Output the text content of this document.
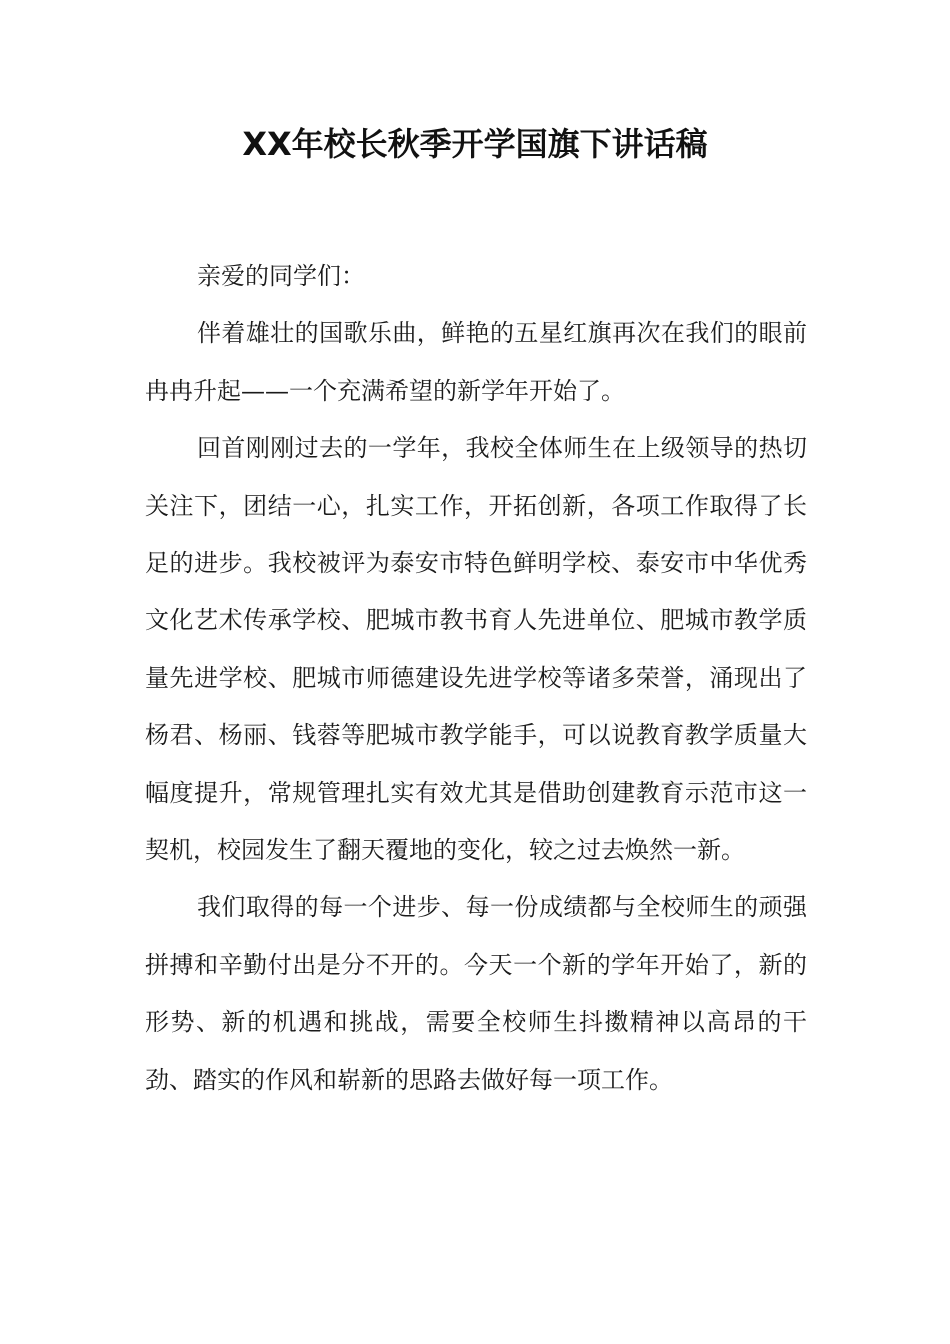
XX年校长秋季开学国旗下讲话稿

亲爱的同学们：

伴着雄壮的国歌乐曲，鲜艳的五星红旗再次在我们的眼前冉冉升起——一个充满希望的新学年开始了。

回首刚刚过去的一学年，我校全体师生在上级领导的热切关注下，团结一心，扎实工作，开拓创新，各项工作取得了长足的进步。我校被评为泰安市特色鲜明学校、泰安市中华优秀文化艺术传承学校、肥城市教书育人先进单位、肥城市教学质量先进学校、肥城市师德建设先进学校等诸多荣誉，涌现出了杨君、杨丽、钱蓉等肥城市教学能手，可以说教育教学质量大幅度提升，常规管理扎实有效尤其是借助创建教育示范市这一契机，校园发生了翻天覆地的变化，较之过去焕然一新。

我们取得的每一个进步、每一份成绩都与全校师生的顽强拼搏和辛勤付出是分不开的。今天一个新的学年开始了，新的形势、新的机遇和挑战，需要全校师生抖擞精神以高昂的干劲、踏实的作风和崭新的思路去做好每一项工作。
